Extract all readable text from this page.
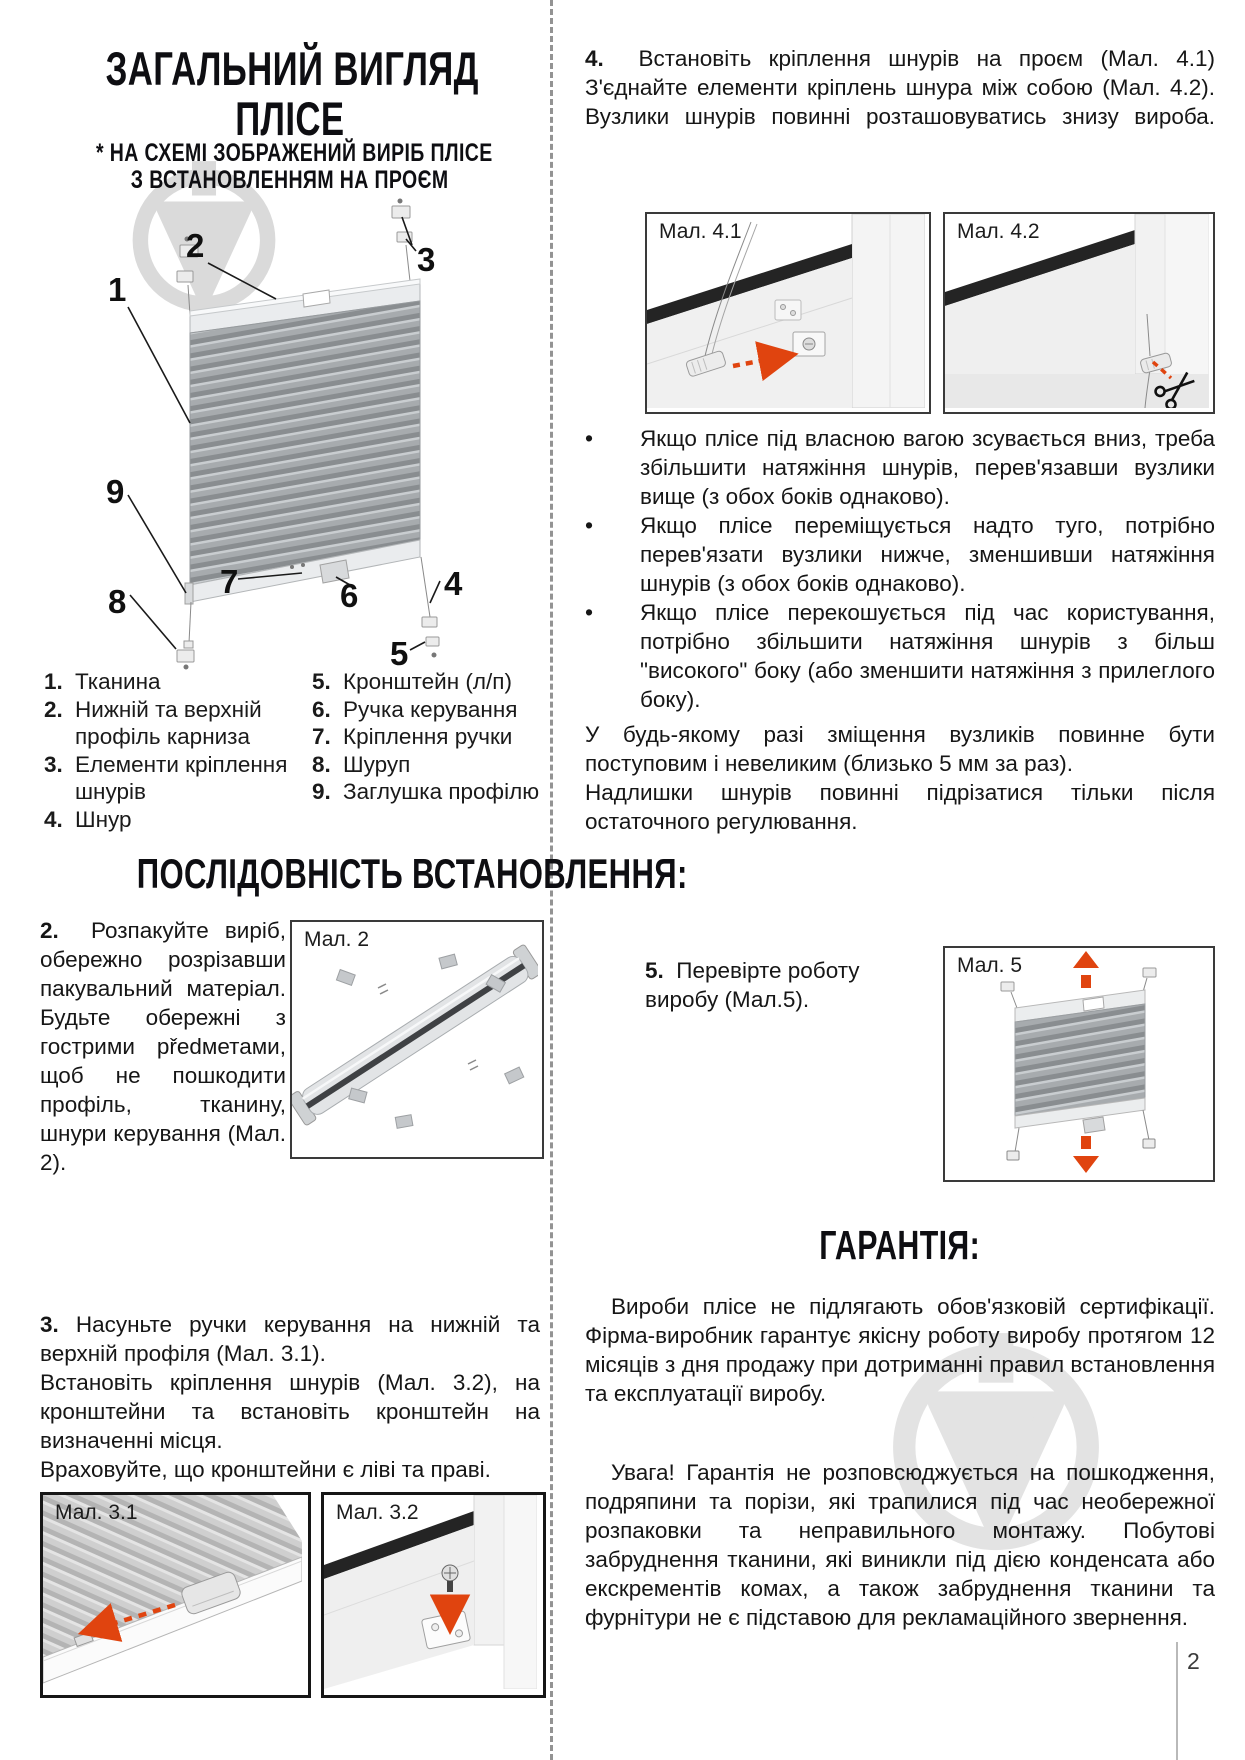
ЗАГАЛЬНИЙ ВИГЛЯД
ПЛІСЕ
* НА СХЕМІ ЗОБРАЖЕНИЙ ВИРІБ ПЛІСЕ
З ВСТАНОВЛЕННЯМ НА ПРОЄМ
1
2	3
4
5
6
7
8
9
1. Тканина
2. Нижній та верхній профіль карниза
3. Елементи кріплення шнурів
4. Шнур
5. Кронштейн (л/п)
6. Ручка керування
7. Кріплення ручки
8. Шуруп
9. Заглушка профілю
ПОСЛІДОВНІСТЬ ВСТАНОВЛЕННЯ:
2. Розпакуйте виріб, обережно розрізавши пакувальний матеріал. Будьте обережні з гострими předметами, щоб не пошкодити профіль, тканину, шнури керування (Мал. 2).
Мал. 2

3. Насуньте ручки керування на нижній та верхній профіля (Мал. 3.1).

Встановіть кріплення шнурів (Мал. 3.2), на кронштейни та встановіть кронштейн на визначенні місця.

Враховуйте, що кронштейни є ліві та праві.

Мал. 3.1	Мал. 3.2
4. Встановіть кріплення шнурів на проєм (Мал. 4.1) З'єднайте елементи кріплень шнура між собою (Мал. 4.2). Вузлики шнурів повинні розташовуватись знизу вироба.
Мал. 4.1	Мал. 4.2
•	Якщо плісе під власною вагою зсувається вниз, треба збільшити натяжіння шнурів, перев'язавши вузлики вище (з обох боків однаково).
•	Якщо плісе переміщується надто туго, потрібно перев'язати вузлики нижче, зменшивши натяжіння шнурів (з обох боків однаково).
•	Якщо плісе перекошується під час користування, потрібно збільшити натяжіння шнурів з більш "високого" боку (або зменшити натяжіння з прилеглого боку).

У будь-якому разі зміщення вузликів повинне бути поступовим і невеликим (близько 5 мм за раз).

Надлишки шнурів повинні підрізатися тільки після остаточного регулювання.

5. Перевірте роботу виробу (Мал.5).
Мал. 5
ГАРАНТІЯ:
Вироби плісе не підлягають обов'язковій сертифікації. Фірма-виробник гарантує якісну роботу виробу протягом 12 місяців з дня продажу при дотриманні правил встановлення та експлуатації виробу.
Увага! Гарантія не розповсюджується на пошкодження, подряпини та порізи, які трапилися під час необережної розпаковки та неправильного монтажу. Побутові забруднення тканини, які виникли під дією конденсата або екскрементів комах, а також забруднення тканини та фурнітури не є підставою для рекламаційного звернення.
2
